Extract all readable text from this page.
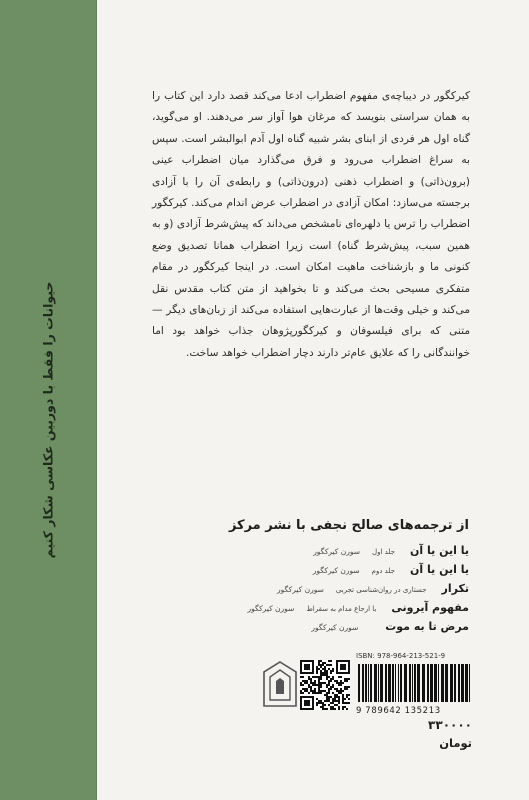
حیوانات را فقط با دوربین عکاسی شکار کنیم
کیرکگور در دیباچه‌ی مفهوم اضطراب ادعا می‌کند قصد دارد این کتاب را به همان سراستی بنویسد که مرغان هوا آواز سر می‌دهند. او می‌گوید، گناه اول هر فردی از ابنای بشر شبیه گناه اول آدم ابوالبشر است. سپس به سراغ اضطراب می‌رود و فرق می‌گذارد میان اضطراب عینی (برون‌ذاتی) و اضطراب ذهنی (درون‌ذاتی) و رابطه‌ی آن را با آزادی برجسته می‌سازد: امکان آزادی در اضطراب عرض اندام می‌کند. کیرکگور اضطراب را ترس یا دلهره‌ای نامشخص می‌داند که پیش‌شرط آزادی (و به همین سبب، پیش‌شرط گناه) است زیرا اضطراب همانا تصدیق وضع کنونی ما و بازشناخت ماهیت امکان است. در اینجا کیرکگور در مقام متفکری مسیحی بحث می‌کند و تا بخواهید از متن کتاب مقدس نقل می‌کند و خیلی وقت‌ها از عبارت‌هایی استفاده می‌کند از زبان‌های دیگر — متنی که برای فیلسوفان و کیرکگورپژوهان جذاب خواهد بود اما خوانندگانی را که علایق عام‌تر دارند دچار اضطراب خواهد ساخت.
از ترجمه‌های صالح نجفی با نشر مرکز
یا این یا آن
جلد اول
سورن کیرکگور
یا این یا آن
جلد دوم
سورن کیرکگور
تکرار
جستاری در روان‌شناسی تجربی
سورن کیرکگور
مفهوم آیرونی
با ارجاع مدام به سقراط
سورن کیرکگور
مرض تا به موت
سورن کیرکگور
ISBN: 978-964-213-521-9
9 789642 135213
۳۳۰۰۰۰
تومان
